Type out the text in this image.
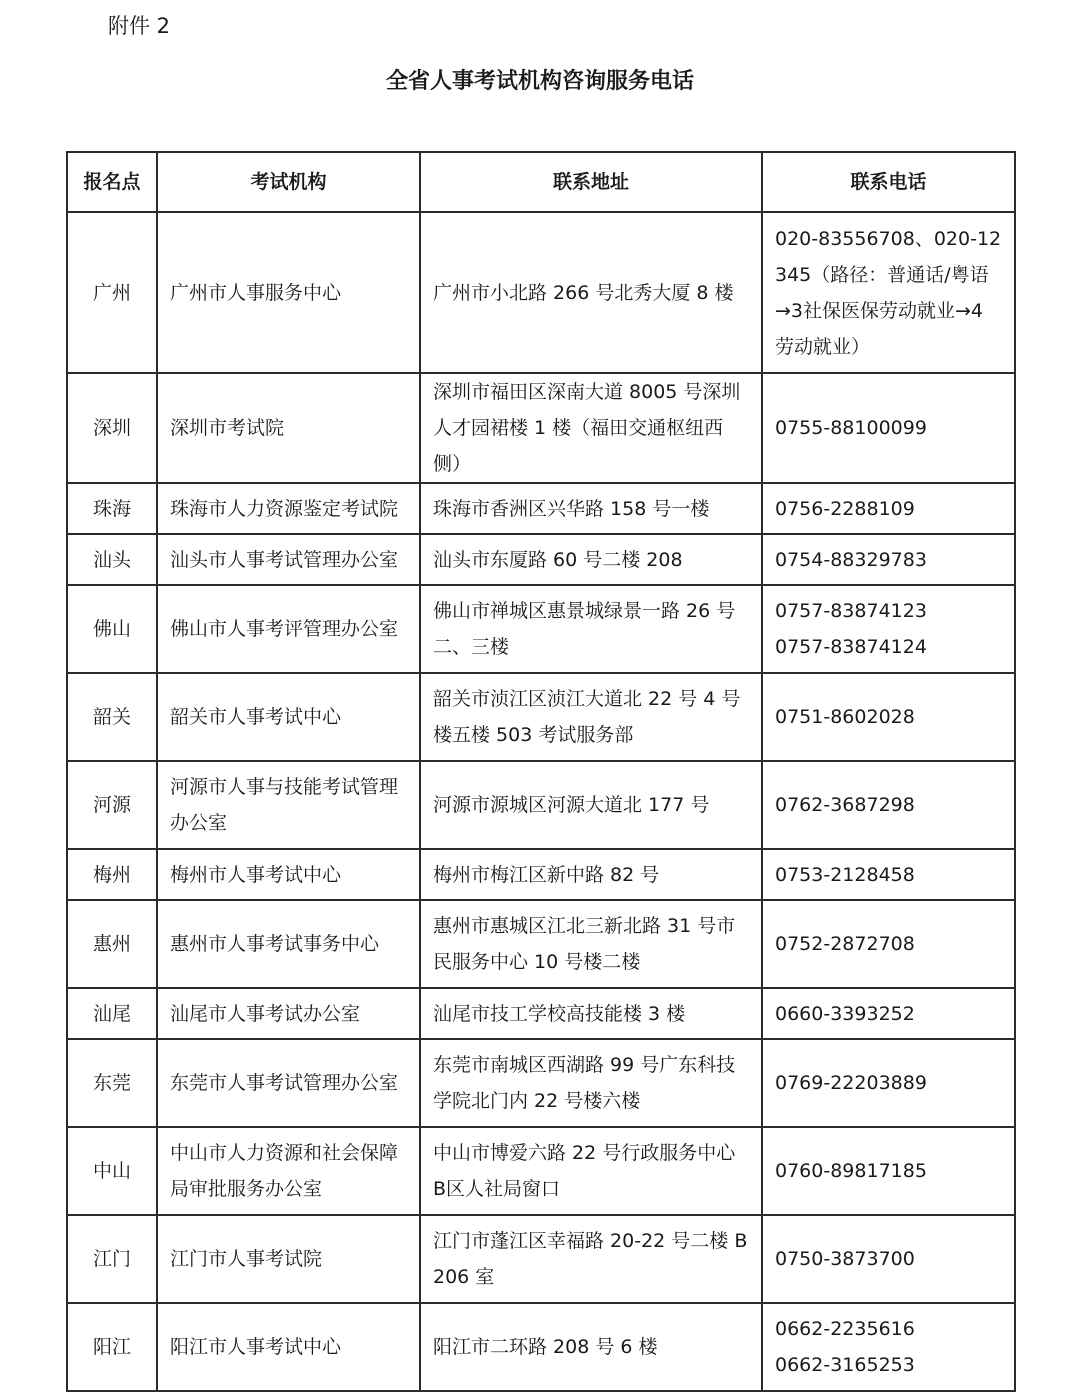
附件 2
全省人事考试机构咨询服务电话
报名点	考试机构	联系地址	联系电话
广州	广州市人事服务中心	广州市小北路 266 号北秀大厦 8 楼	020-83556708、020-12345（路径：普通话/粤语→3社保医保劳动就业→4 劳动就业）

深圳	深圳市考试院	深圳市福田区深南大道 8005 号深圳人才园裙楼 1 楼（福田交通枢纽西侧）	0755-88100099

珠海	珠海市人力资源鉴定考试院	珠海市香洲区兴华路 158 号一楼	0756-2288109

汕头	汕头市人事考试管理办公室	汕头市东厦路 60 号二楼 208	0754-88329783

佛山	佛山市人事考评管理办公室	佛山市禅城区惠景城绿景一路 26 号二、三楼	0757-83874123
0757-83874124

韶关	韶关市人事考试中心	韶关市浈江区浈江大道北 22 号 4 号楼五楼 503 考试服务部	0751-8602028

河源	河源市人事与技能考试管理办公室	河源市源城区河源大道北 177 号	0762-3687298

梅州	梅州市人事考试中心	梅州市梅江区新中路 82 号	0753-2128458

惠州	惠州市人事考试事务中心	惠州市惠城区江北三新北路 31 号市民服务中心 10 号楼二楼	0752-2872708

汕尾	汕尾市人事考试办公室	汕尾市技工学校高技能楼 3 楼	0660-3393252

东莞	东莞市人事考试管理办公室	东莞市南城区西湖路 99 号广东科技学院北门内 22 号楼六楼	0769-22203889

中山	中山市人力资源和社会保障局审批服务办公室	中山市博爱六路 22 号行政服务中心 B区人社局窗口	0760-89817185

江门	江门市人事考试院	江门市蓬江区幸福路 20-22 号二楼 B206 室	0750-3873700

阳江	阳江市人事考试中心	阳江市二环路 208 号 6 楼	0662-2235616
0662-3165253
